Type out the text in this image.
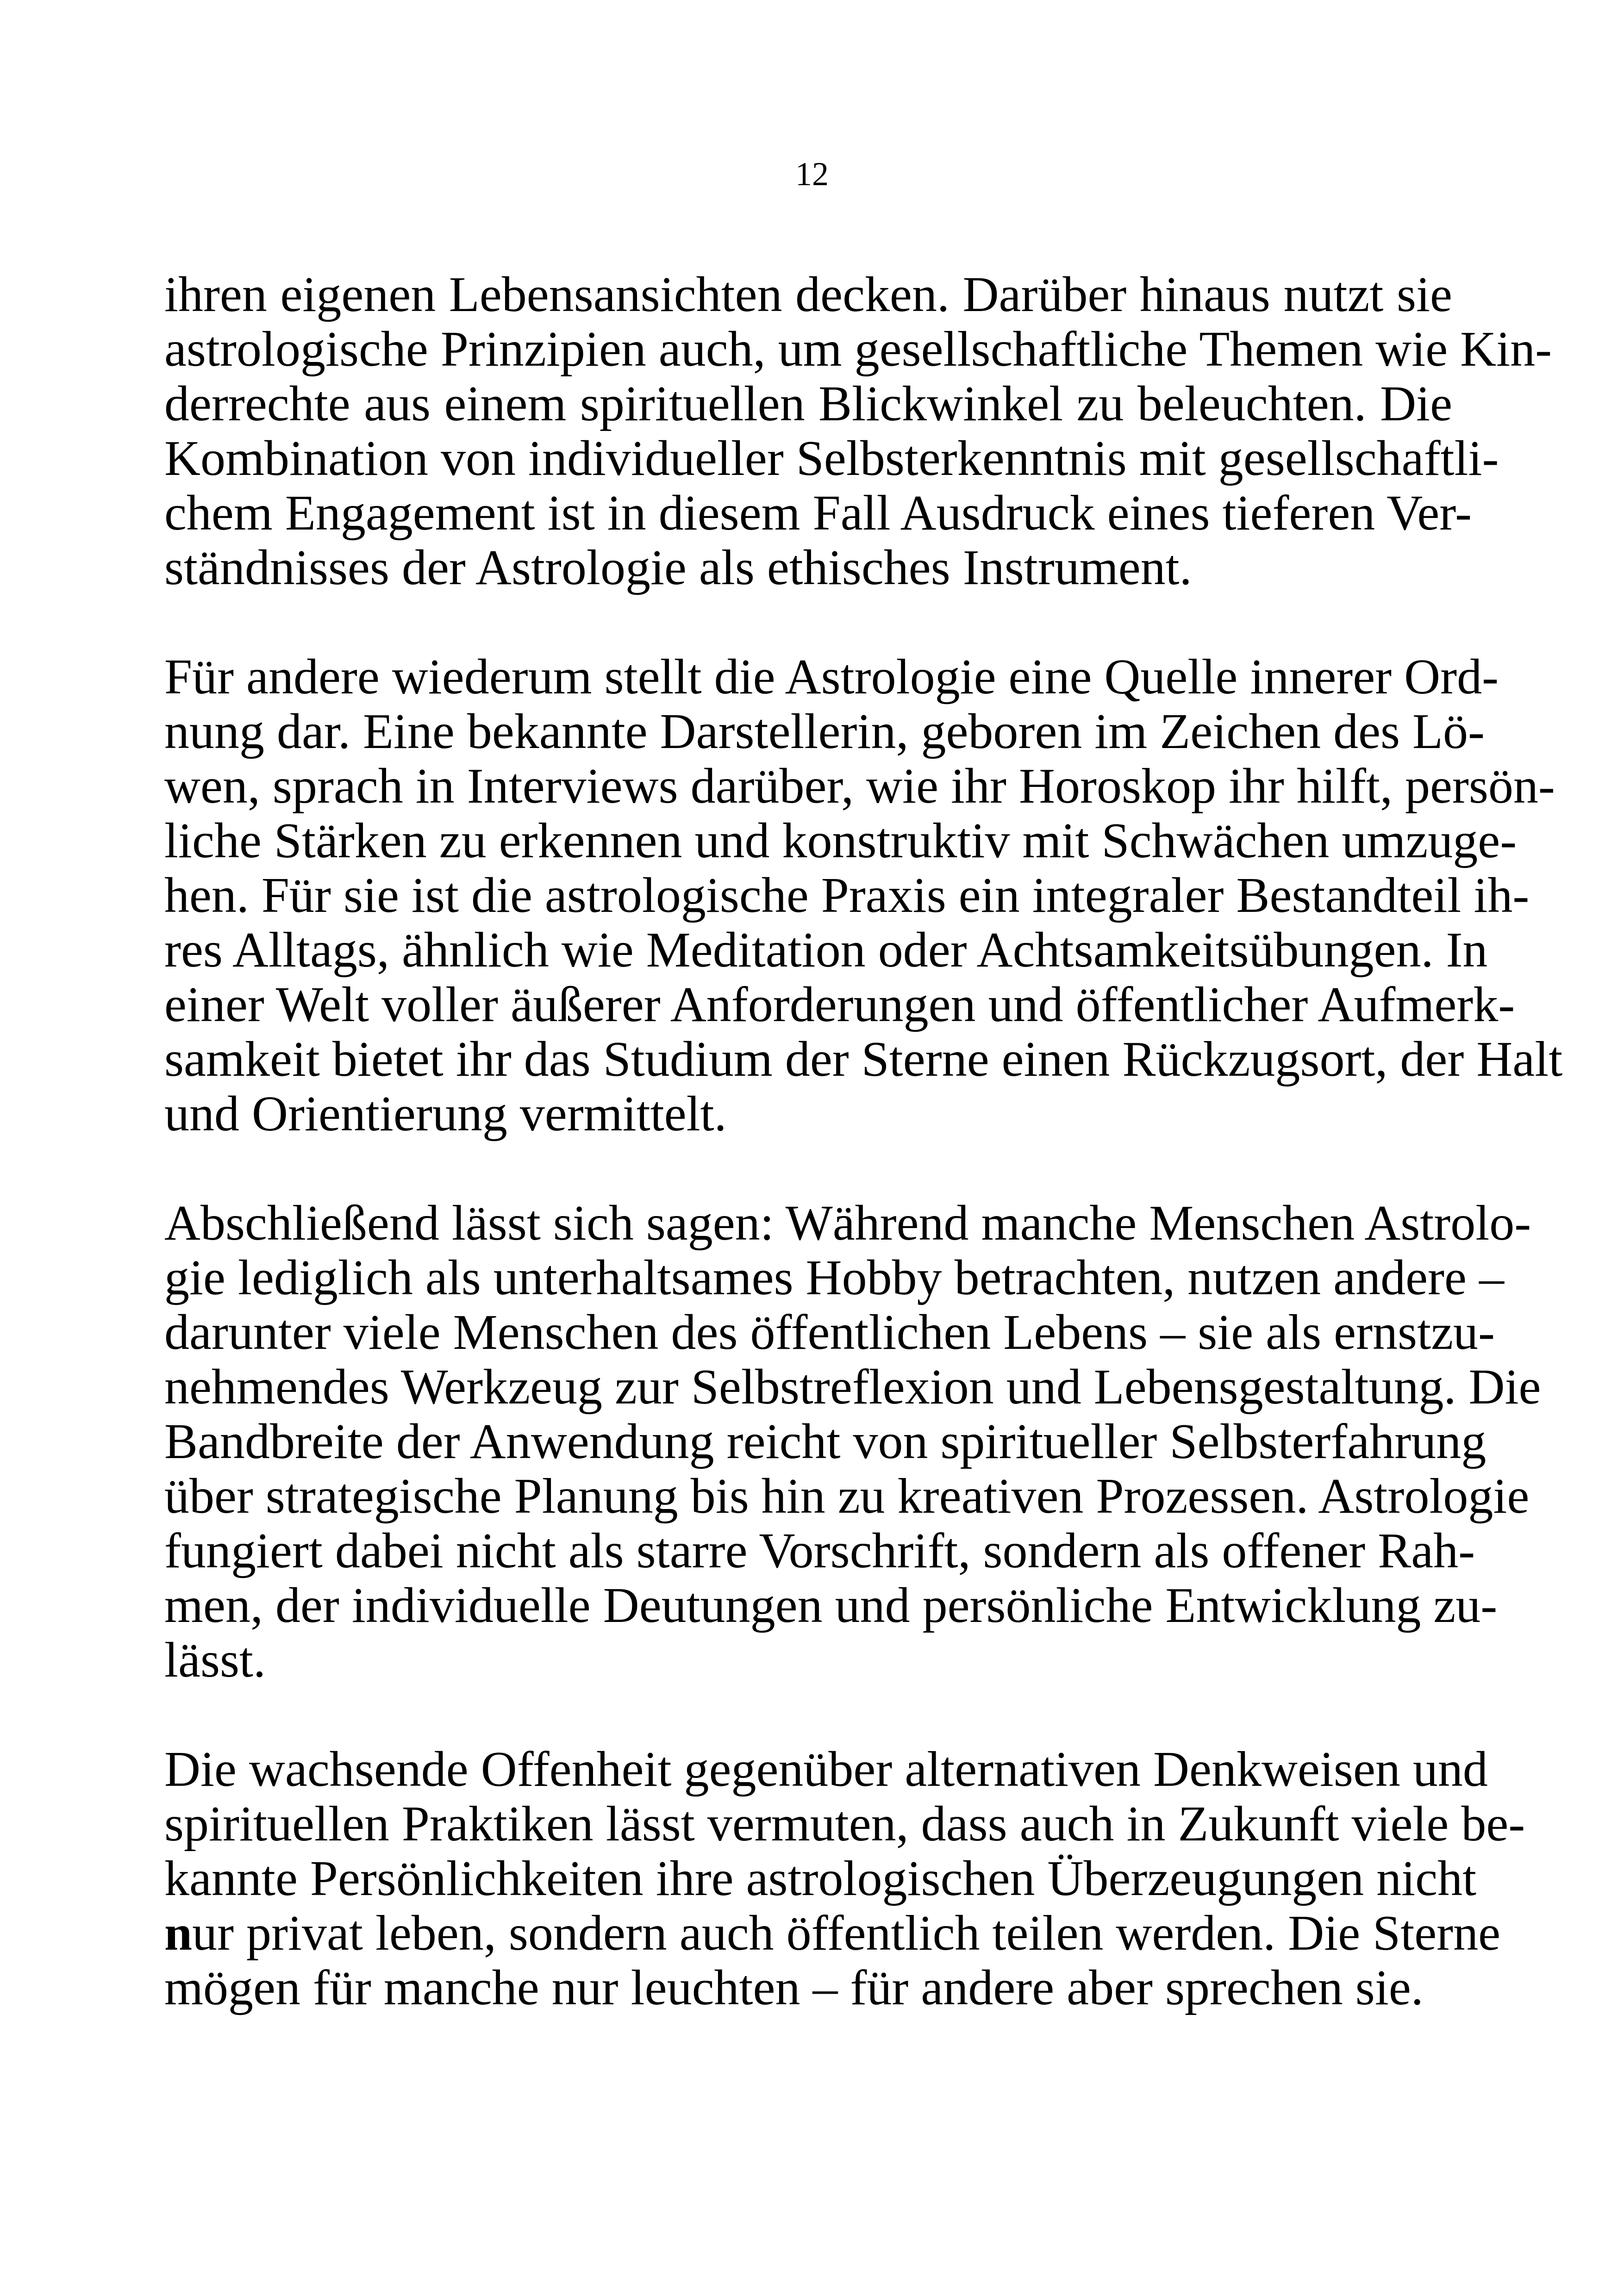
12
ihren eigenen Lebensansichten decken. Darüber hinaus nutzt sie
astrologische Prinzipien auch, um gesellschaftliche Themen wie Kin-
derrechte aus einem spirituellen Blickwinkel zu beleuchten. Die
Kombination von individueller Selbsterkenntnis mit gesellschaftli-
chem Engagement ist in diesem Fall Ausdruck eines tieferen Ver-
ständnisses der Astrologie als ethisches Instrument.
Für andere wiederum stellt die Astrologie eine Quelle innerer Ord-
nung dar. Eine bekannte Darstellerin, geboren im Zeichen des Lö-
wen, sprach in Interviews darüber, wie ihr Horoskop ihr hilft, persön-
liche Stärken zu erkennen und konstruktiv mit Schwächen umzuge-
hen. Für sie ist die astrologische Praxis ein integraler Bestandteil ih-
res Alltags, ähnlich wie Meditation oder Achtsamkeitsübungen. In
einer Welt voller äußerer Anforderungen und öffentlicher Aufmerk-
samkeit bietet ihr das Studium der Sterne einen Rückzugsort, der Halt
und Orientierung vermittelt.
Abschließend lässt sich sagen: Während manche Menschen Astrolo-
gie lediglich als unterhaltsames Hobby betrachten, nutzen andere –
darunter viele Menschen des öffentlichen Lebens – sie als ernstzu-
nehmendes Werkzeug zur Selbstreflexion und Lebensgestaltung. Die
Bandbreite der Anwendung reicht von spiritueller Selbsterfahrung
über strategische Planung bis hin zu kreativen Prozessen. Astrologie
fungiert dabei nicht als starre Vorschrift, sondern als offener Rah-
men, der individuelle Deutungen und persönliche Entwicklung zu-
lässt.
Die wachsende Offenheit gegenüber alternativen Denkweisen und
spirituellen Praktiken lässt vermuten, dass auch in Zukunft viele be-
kannte Persönlichkeiten ihre astrologischen Überzeugungen nicht
nur privat leben, sondern auch öffentlich teilen werden. Die Sterne
mögen für manche nur leuchten – für andere aber sprechen sie.
